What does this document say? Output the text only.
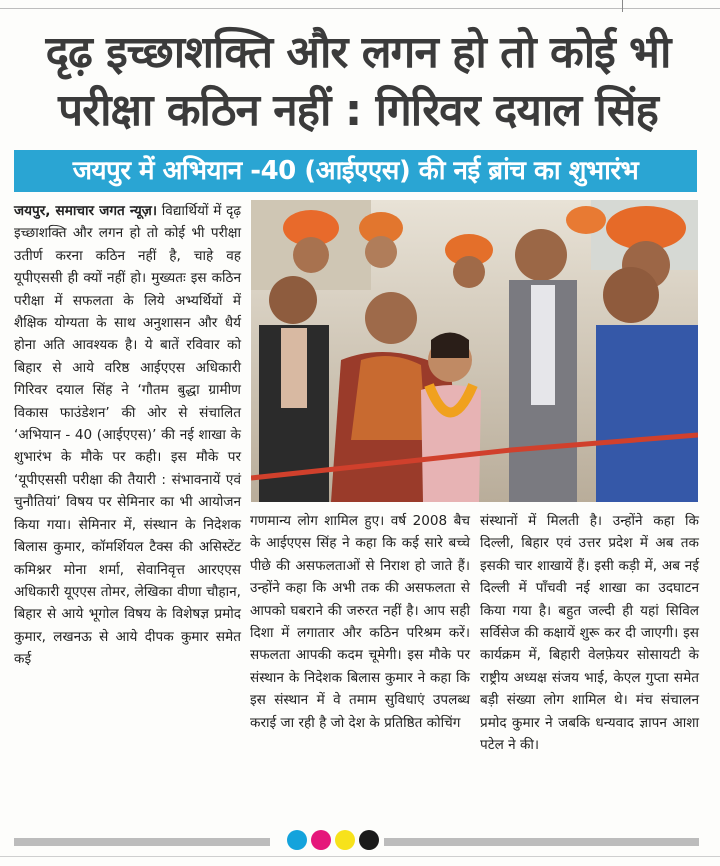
दृढ़ इच्छाशक्ति और लगन हो तो कोई भी
परीक्षा कठिन नहीं : गिरिवर दयाल सिंह
जयपुर में अभियान -40 (आईएएस) की नई ब्रांच का शुभारंभ

जयपुर, समाचार जगत न्यूज़। विद्यार्थियों में दृढ़ इच्छाशक्ति और लगन हो तो कोई भी परीक्षा उतीर्ण करना कठिन नहीं है, चाहे वह यूपीएससी ही क्यों नहीं हो। मुख्यतः इस कठिन परीक्षा में सफलता के लिये अभ्यर्थियों में शैक्षिक योग्यता के साथ अनुशासन और धैर्य होना अति आवश्यक है। ये बातें रविवार को बिहार से आये वरिष्ठ आईएएस अधिकारी गिरिवर दयाल सिंह ने ‘गौतम बुद्धा ग्रामीण विकास फाउंडेशन’ की ओर से संचालित ‘अभियान - 40 (आईएएस)’ की नई शाखा के शुभारंभ के मौके पर कही। इस मौके पर ‘यूपीएससी परीक्षा की तैयारी : संभावनायें एवं चुनौतियां’ विषय पर सेमिनार का भी आयोजन किया गया। सेमिनार में, संस्थान के निदेशक बिलास कुमार, कॉमर्शियल टैक्स की असिस्टेंट कमिश्नर मोना शर्मा, सेवानिवृत्त आरएएस अधिकारी यूएएस तोमर, लेखिका वीणा चौहान, बिहार से आये भूगोल विषय के विशेषज्ञ प्रमोद कुमार, लखनऊ से आये दीपक कुमार समेत कई

गणमान्य लोग शामिल हुए। वर्ष 2008 बैच के आईएएस सिंह ने कहा कि कई सारे बच्चे पीछे की असफलताओं से निराश हो जाते हैं। उन्होंने कहा कि अभी तक की असफलता से आपको घबराने की जरुरत नहीं है। आप सही दिशा में लगातार और कठिन परिश्रम करें। सफलता आपकी कदम चूमेगी। इस मौके पर संस्थान के निदेशक बिलास कुमार ने कहा कि इस संस्थान में वे तमाम सुविधाएं उपलब्ध कराई जा रही है जो देश के प्रतिष्ठित कोचिंग

संस्थानों में मिलती है। उन्होंने कहा कि दिल्ली, बिहार एवं उत्तर प्रदेश में अब तक इसकी चार शाखायें हैं। इसी कड़ी में, अब नई दिल्ली में पाँचवी नई शाखा का उदघाटन किया गया है। बहुत जल्दी ही यहां सिविल सर्विसेज की कक्षायें शुरू कर दी जाएगी। इस कार्यक्रम में, बिहारी वेलफ़ेयर सोसायटी के राष्ट्रीय अध्यक्ष संजय भाई, केएल गुप्ता समेत बड़ी संख्या लोग शामिल थे। मंच संचालन प्रमोद कुमार ने जबकि धन्यवाद ज्ञापन आशा पटेल ने की।
